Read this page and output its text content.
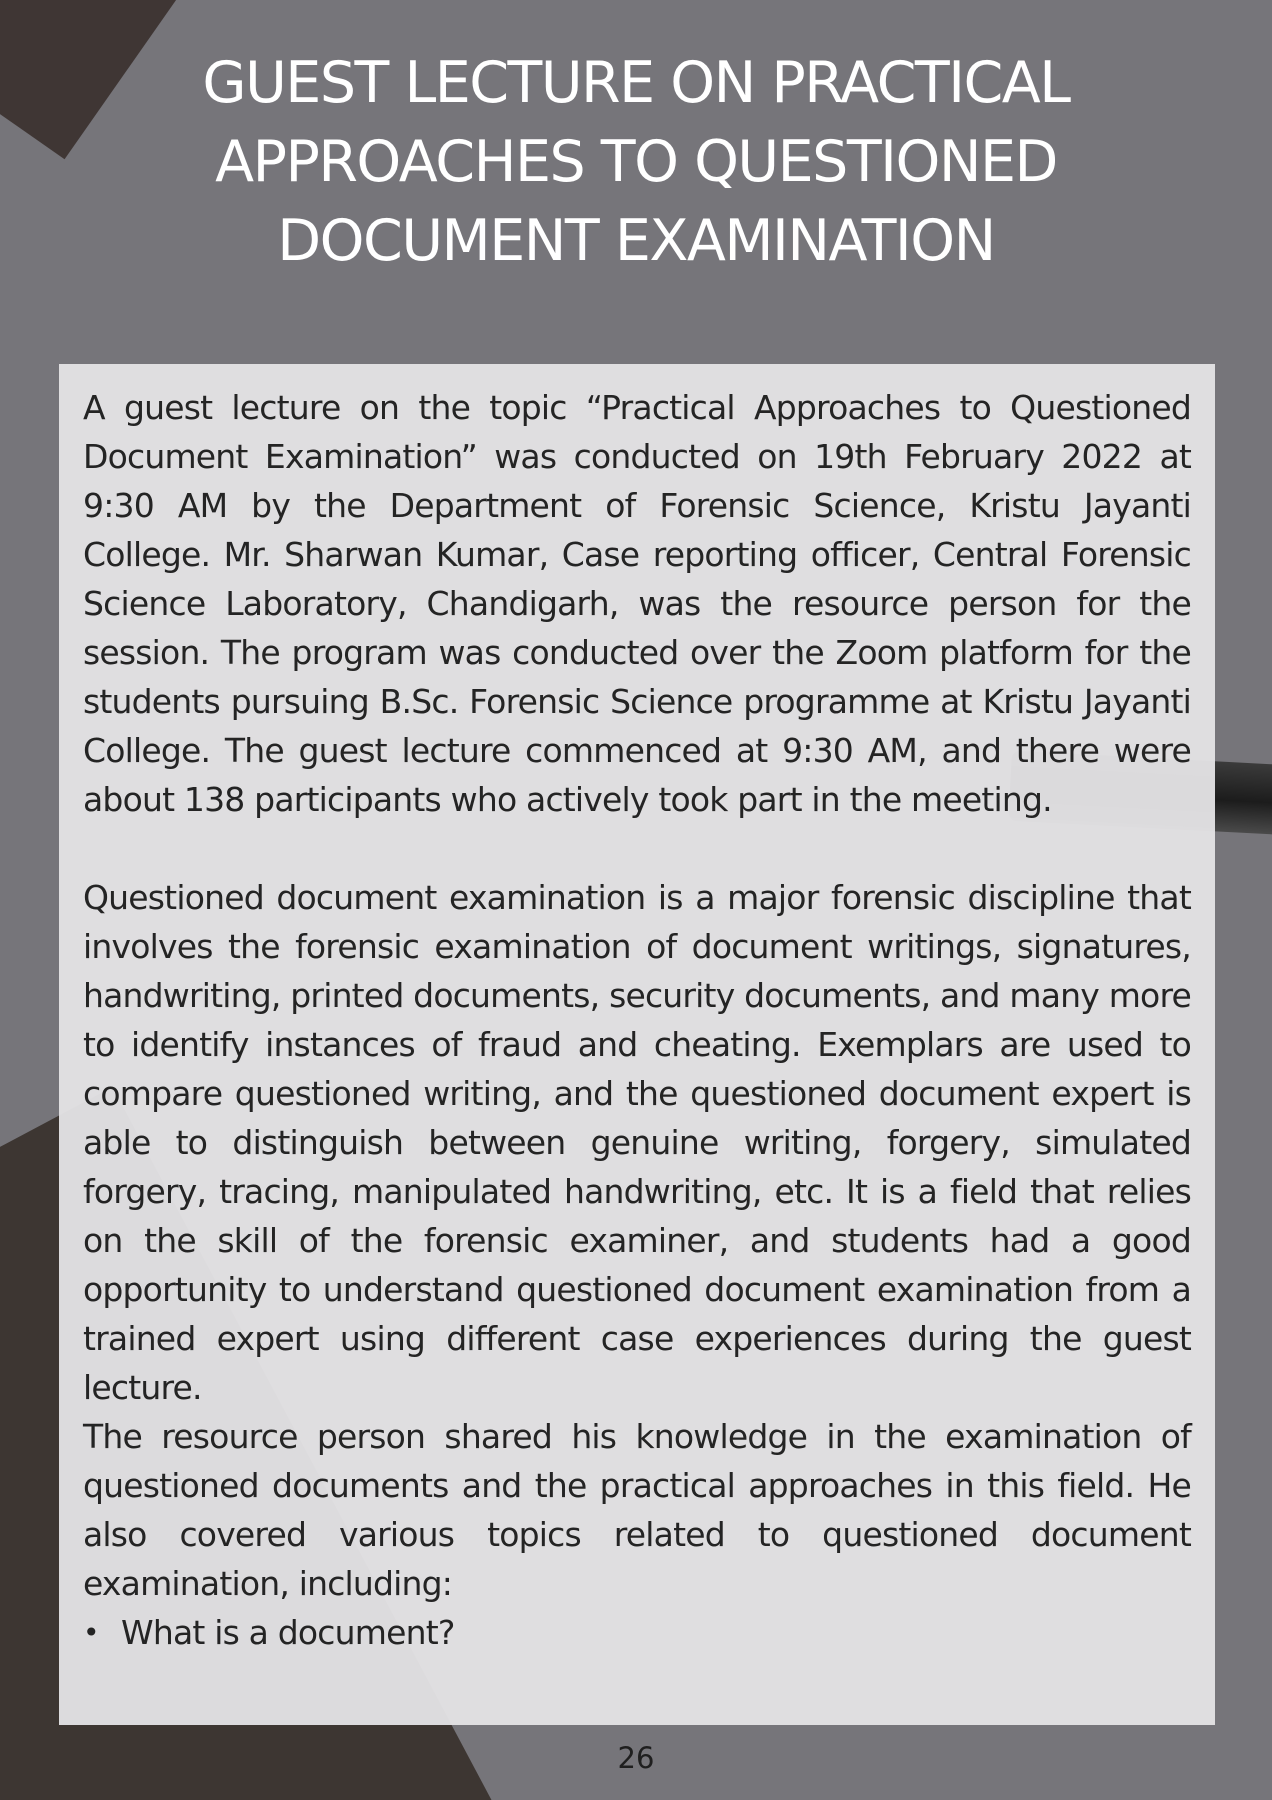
GUEST LECTURE ON PRACTICAL
APPROACHES TO QUESTIONED
DOCUMENT EXAMINATION

A guest lecture on the topic “Practical Approaches to Questioned Document Examination” was conducted on 19th February 2022 at 9:30 AM by the Department of Forensic Science, Kristu Jayanti College. Mr. Sharwan Kumar, Case reporting officer, Central Forensic Science Laboratory, Chandigarh, was the resource person for the session. The program was conducted over the Zoom platform for the students pursuing B.Sc. Forensic Science programme at Kristu Jayanti College. The guest lecture commenced at 9:30 AM, and there were about 138 participants who actively took part in the meeting.

Questioned document examination is a major forensic discipline that involves the forensic examination of document writings, signatures, handwriting, printed documents, security documents, and many more to identify instances of fraud and cheating. Exemplars are used to compare questioned writing, and the questioned document expert is able to distinguish between genuine writing, forgery, simulated forgery, tracing, manipulated handwriting, etc. It is a field that relies on the skill of the forensic examiner, and students had a good opportunity to understand questioned document examination from a trained expert using different case experiences during the guest lecture.

The resource person shared his knowledge in the examination of questioned documents and the practical approaches in this field. He also covered various topics related to questioned document examination, including:

• What is a document?
26
